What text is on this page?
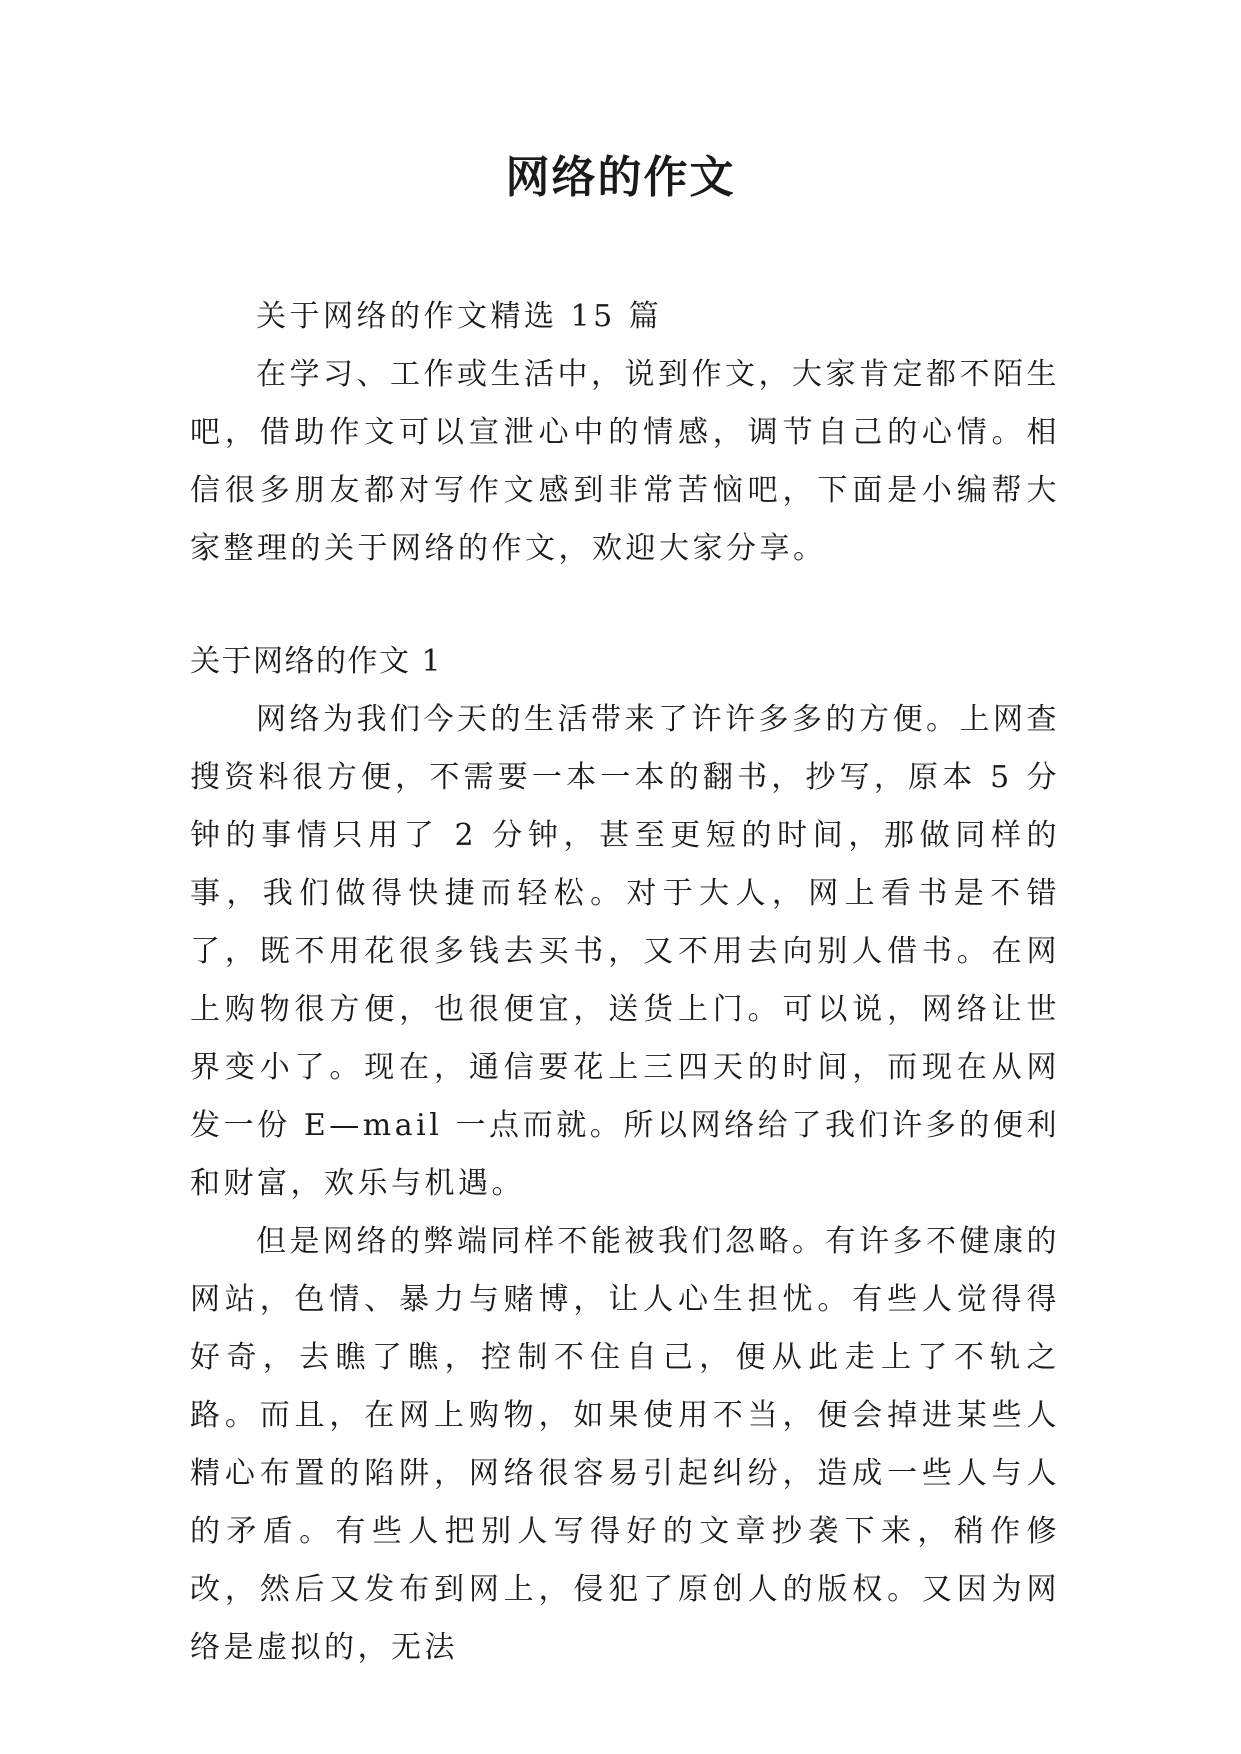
网络的作文

关于网络的作文精选 15 篇

在学习、工作或生活中，说到作文，大家肯定都不陌生吧，借助作文可以宣泄心中的情感，调节自己的心情。相信很多朋友都对写作文感到非常苦恼吧，下面是小编帮大家整理的关于网络的作文，欢迎大家分享。

关于网络的作文 1

网络为我们今天的生活带来了许许多多的方便。上网查搜资料很方便，不需要一本一本的翻书，抄写，原本 5 分钟的事情只用了 2 分钟，甚至更短的时间，那做同样的事，我们做得快捷而轻松。对于大人，网上看书是不错了，既不用花很多钱去买书，又不用去向别人借书。在网上购物很方便，也很便宜，送货上门。可以说，网络让世界变小了。现在，通信要花上三四天的时间，而现在从网发一份 E—mail 一点而就。所以网络给了我们许多的便利和财富，欢乐与机遇。

但是网络的弊端同样不能被我们忽略。有许多不健康的网站，色情、暴力与赌博，让人心生担忧。有些人觉得得好奇，去瞧了瞧，控制不住自己，便从此走上了不轨之路。而且，在网上购物，如果使用不当，便会掉进某些人精心布置的陷阱，网络很容易引起纠纷，造成一些人与人的矛盾。有些人把别人写得好的文章抄袭下来，稍作修改，然后又发布到网上，侵犯了原创人的版权。又因为网络是虚拟的，无法
